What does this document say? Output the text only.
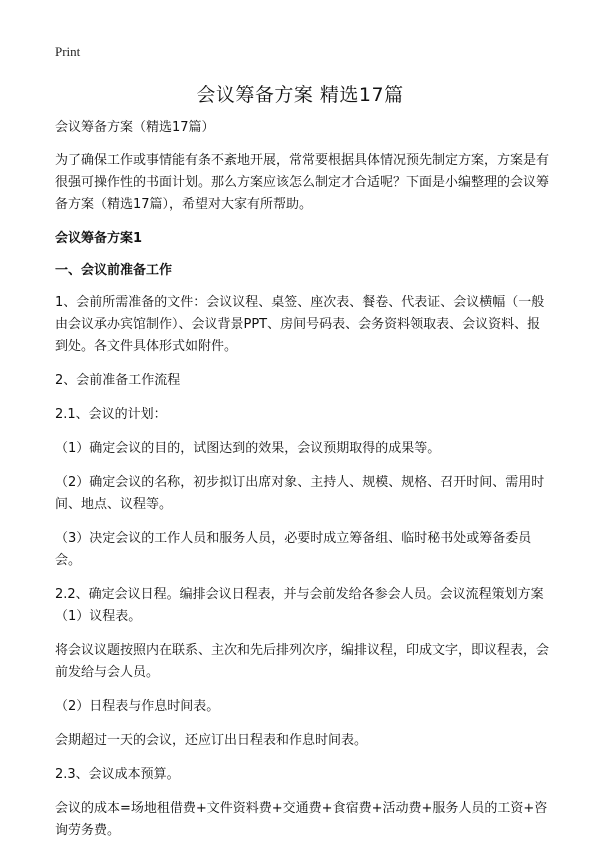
Print
会议筹备方案 精选17篇

会议筹备方案（精选17篇）

为了确保工作或事情能有条不紊地开展，常常要根据具体情况预先制定方案，方案是有很强可操作性的书面计划。那么方案应该怎么制定才合适呢？下面是小编整理的会议筹备方案（精选17篇），希望对大家有所帮助。

会议筹备方案1

一、会议前准备工作

1、会前所需准备的文件：会议议程、桌签、座次表、餐卷、代表证、会议横幅（一般由会议承办宾馆制作）、会议背景PPT、房间号码表、会务资料领取表、会议资料、报到处。各文件具体形式如附件。

2、会前准备工作流程

2.1、会议的计划：

（1）确定会议的目的，试图达到的效果，会议预期取得的成果等。

（2）确定会议的名称，初步拟订出席对象、主持人、规模、规格、召开时间、需用时间、地点、议程等。

（3）决定会议的工作人员和服务人员，必要时成立筹备组、临时秘书处或筹备委员会。

2.2、确定会议日程。编排会议日程表，并与会前发给各参会人员。会议流程策划方案（1）议程表。

将会议议题按照内在联系、主次和先后排列次序，编排议程，印成文字，即议程表，会前发给与会人员。

（2）日程表与作息时间表。

会期超过一天的会议，还应订出日程表和作息时间表。

2.3、会议成本预算。

会议的成本=场地租借费+文件资料费+交通费+食宿费+活动费+服务人员的工资+咨询劳务费。
